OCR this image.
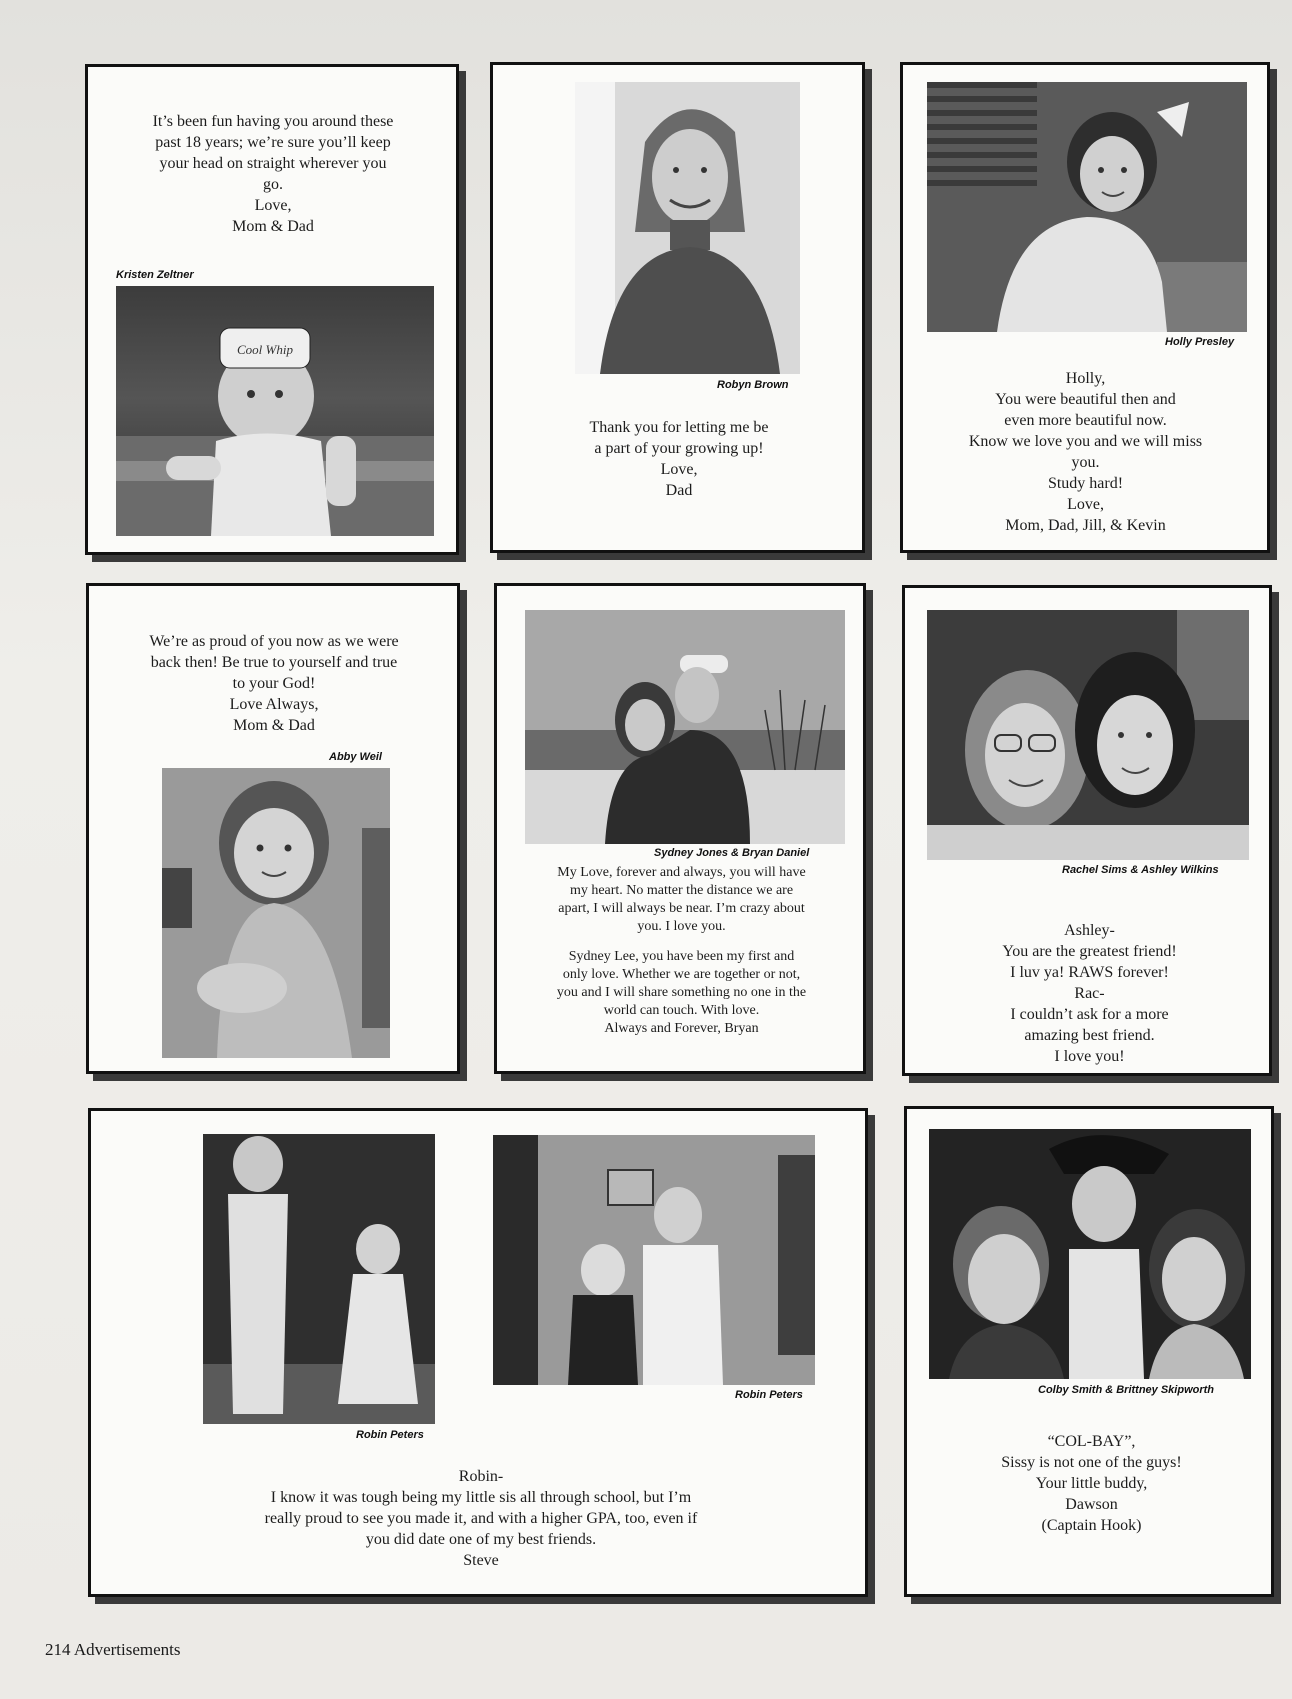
It’s been fun having you around these
past 18 years; we’re sure you’ll keep
your head on straight wherever you
go.
Love,
Mom & Dad
Kristen Zeltner
Cool Whip
Robyn Brown
Thank you for letting me be
a part of your growing up!
Love,
Dad
Holly Presley
Holly,
You were beautiful then and
even more beautiful now.
Know we love you and we will miss
you.
Study hard!
Love,
Mom, Dad, Jill, & Kevin
We’re as proud of you now as we were
back then! Be true to yourself and true
to your God!
Love Always,
Mom & Dad
Abby Weil
Sydney Jones & Bryan Daniel
My Love, forever and always, you will have
my heart. No matter the distance we are
apart, I will always be near. I’m crazy about
you. I love you.
Sydney Lee, you have been my first and
only love. Whether we are together or not,
you and I will share something no one in the
world can touch. With love.
Always and Forever, Bryan
Rachel Sims & Ashley Wilkins
Ashley-
You are the greatest friend!
I luv ya! RAWS forever!
Rac-
I couldn’t ask for a more
amazing best friend.
I love you!
Robin Peters
Robin Peters
Robin-
I know it was tough being my little sis all through school, but I’m
really proud to see you made it, and with a higher GPA, too, even if
you did date one of my best friends.
Steve
Colby Smith & Brittney Skipworth
“COL-BAY”,
Sissy is not one of the guys!
Your little buddy,
Dawson
(Captain Hook)
214 Advertisements
